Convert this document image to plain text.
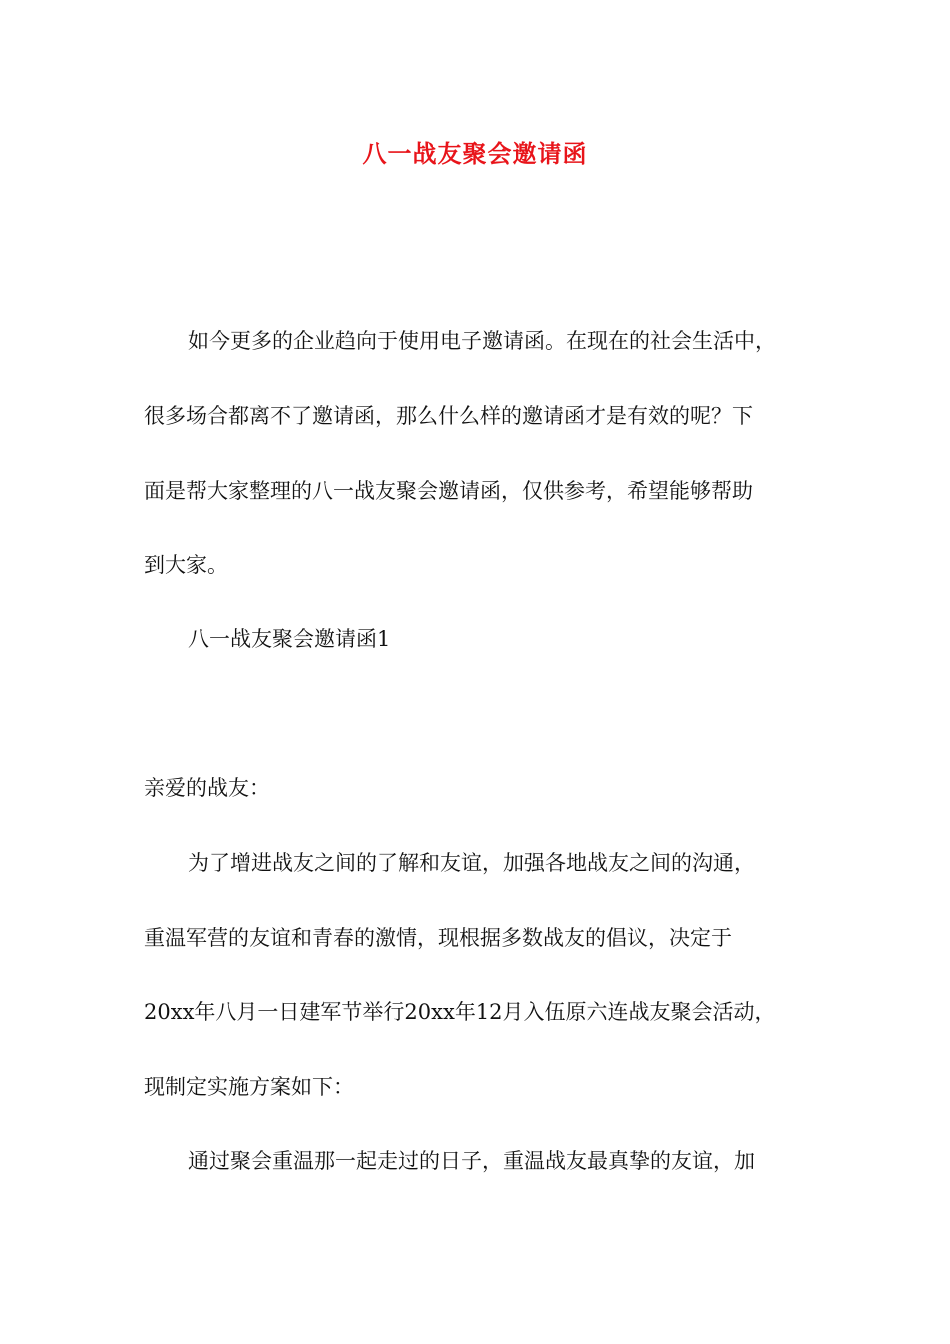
八一战友聚会邀请函
如今更多的企业趋向于使用电子邀请函。在现在的社会生活中，
很多场合都离不了邀请函，那么什么样的邀请函才是有效的呢？下
面是帮大家整理的八一战友聚会邀请函，仅供参考，希望能够帮助
到大家。
八一战友聚会邀请函1
亲爱的战友：
为了增进战友之间的了解和友谊，加强各地战友之间的沟通，
重温军营的友谊和青春的激情，现根据多数战友的倡议，决定于
20xx年八月一日建军节举行20xx年12月入伍原六连战友聚会活动，
现制定实施方案如下：
通过聚会重温那一起走过的日子，重温战友最真挚的友谊，加
